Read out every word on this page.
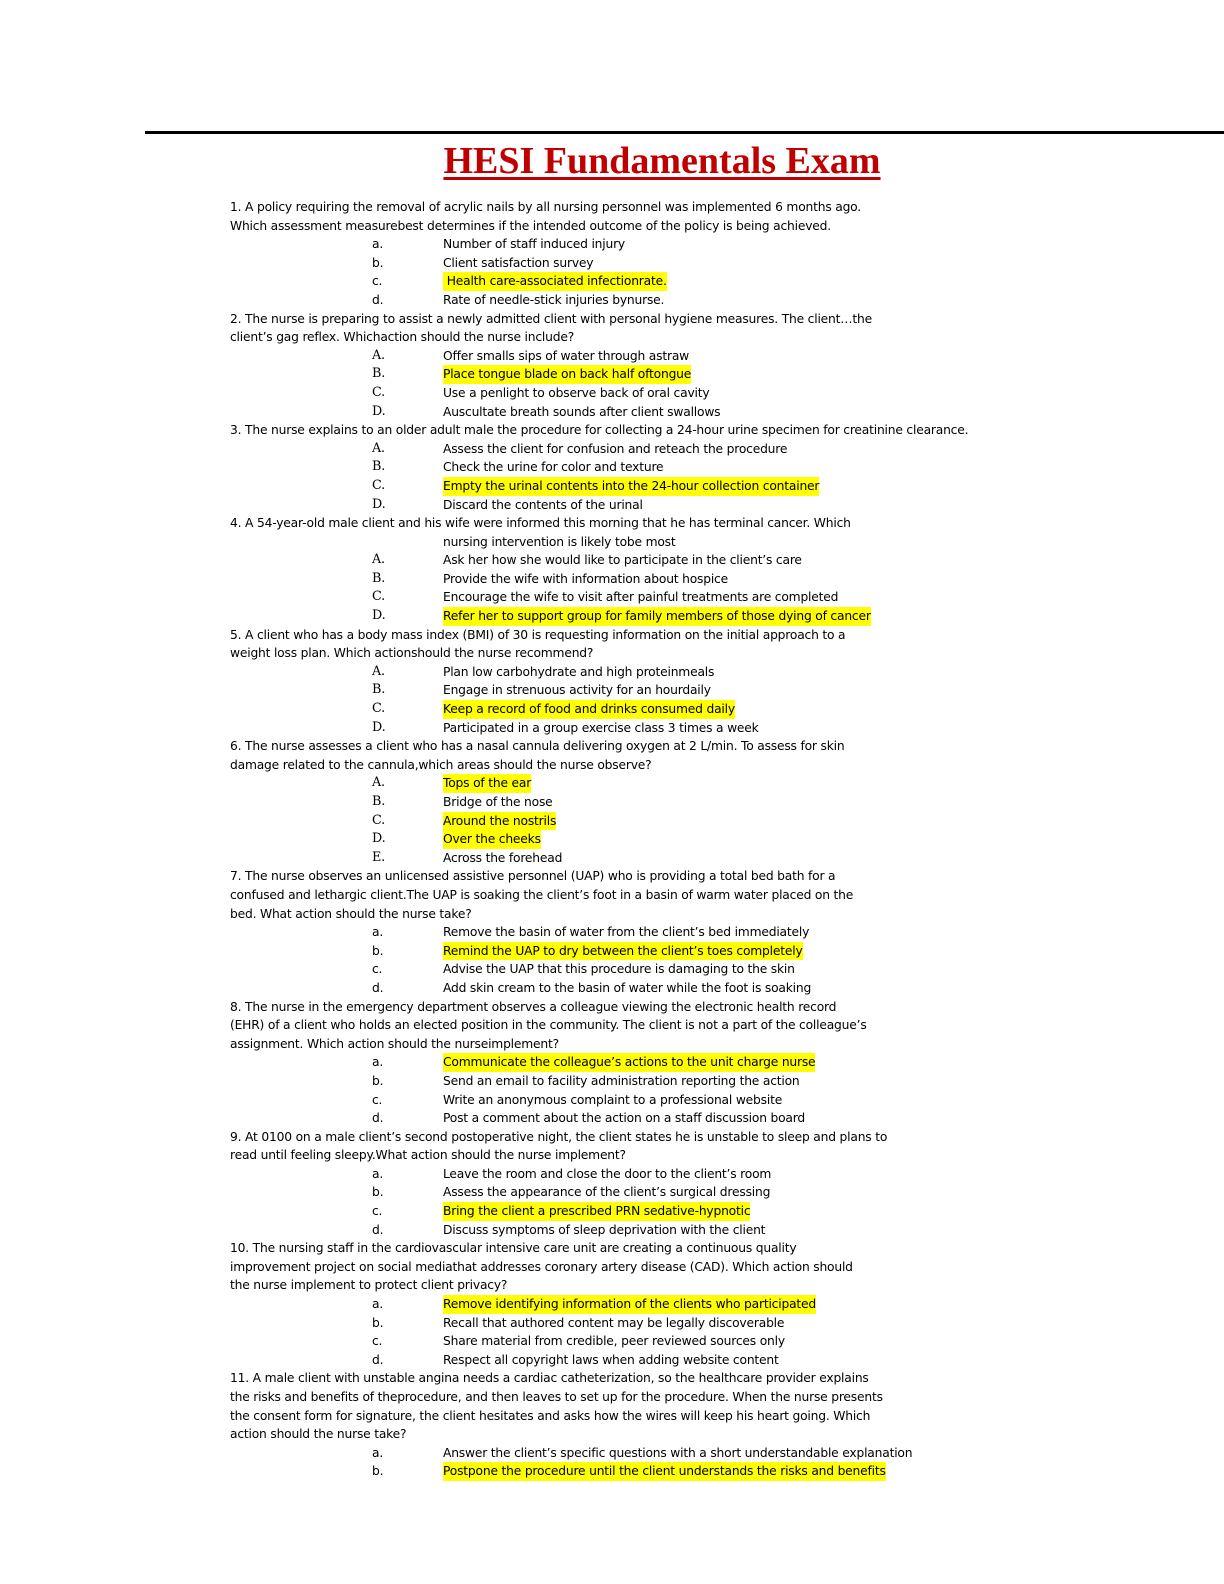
HESI Fundamentals Exam
1. A policy requiring the removal of acrylic nails by all nursing personnel was implemented 6 months ago.
Which assessment measurebest determines if the intended outcome of the policy is being achieved.
a.	Number of staff induced injury
b.	Client satisfaction survey
c.	Health care-associated infectionrate.
d.	Rate of needle-stick injuries bynurse.
2. The nurse is preparing to assist a newly admitted client with personal hygiene measures. The client…the
client’s gag reflex. Whichaction should the nurse include?
A.	Offer smalls sips of water through astraw
B.	Place tongue blade on back half oftongue
C.	Use a penlight to observe back of oral cavity
D.	Auscultate breath sounds after client swallows
3. The nurse explains to an older adult male the procedure for collecting a 24-hour urine specimen for creatinine clearance.
A.	Assess the client for confusion and reteach the procedure
B.	Check the urine for color and texture
C.	Empty the urinal contents into the 24-hour collection container
D.	Discard the contents of the urinal
4. A 54-year-old male client and his wife were informed this morning that he has terminal cancer. Which
nursing intervention is likely tobe most
A.	Ask her how she would like to participate in the client’s care
B.	Provide the wife with information about hospice
C.	Encourage the wife to visit after painful treatments are completed
D.	Refer her to support group for family members of those dying of cancer
5. A client who has a body mass index (BMI) of 30 is requesting information on the initial approach to a
weight loss plan. Which actionshould the nurse recommend?
A.	Plan low carbohydrate and high proteinmeals
B.	Engage in strenuous activity for an hourdaily
C.	Keep a record of food and drinks consumed daily
D.	Participated in a group exercise class 3 times a week
6. The nurse assesses a client who has a nasal cannula delivering oxygen at 2 L/min. To assess for skin
damage related to the cannula,which areas should the nurse observe?
A.	Tops of the ear
B.	Bridge of the nose
C.	Around the nostrils
D.	Over the cheeks
E.	Across the forehead
7. The nurse observes an unlicensed assistive personnel (UAP) who is providing a total bed bath for a
confused and lethargic client.The UAP is soaking the client’s foot in a basin of warm water placed on the
bed. What action should the nurse take?
a.	Remove the basin of water from the client’s bed immediately
b.	Remind the UAP to dry between the client’s toes completely
c.	Advise the UAP that this procedure is damaging to the skin
d.	Add skin cream to the basin of water while the foot is soaking
8. The nurse in the emergency department observes a colleague viewing the electronic health record
(EHR) of a client who holds an elected position in the community. The client is not a part of the colleague’s
assignment. Which action should the nurseimplement?
a.	Communicate the colleague’s actions to the unit charge nurse
b.	Send an email to facility administration reporting the action
c.	Write an anonymous complaint to a professional website
d.	Post a comment about the action on a staff discussion board
9. At 0100 on a male client’s second postoperative night, the client states he is unstable to sleep and plans to
read until feeling sleepy.What action should the nurse implement?
a.	Leave the room and close the door to the client’s room
b.	Assess the appearance of the client’s surgical dressing
c.	Bring the client a prescribed PRN sedative-hypnotic
d.	Discuss symptoms of sleep deprivation with the client
10. The nursing staff in the cardiovascular intensive care unit are creating a continuous quality
improvement project on social mediathat addresses coronary artery disease (CAD). Which action should
the nurse implement to protect client privacy?
a.	Remove identifying information of the clients who participated
b.	Recall that authored content may be legally discoverable
c.	Share material from credible, peer reviewed sources only
d.	Respect all copyright laws when adding website content
11. A male client with unstable angina needs a cardiac catheterization, so the healthcare provider explains
the risks and benefits of theprocedure, and then leaves to set up for the procedure. When the nurse presents
the consent form for signature, the client hesitates and asks how the wires will keep his heart going. Which
action should the nurse take?
a.	Answer the client’s specific questions with a short understandable explanation
b.	Postpone the procedure until the client understands the risks and benefits
